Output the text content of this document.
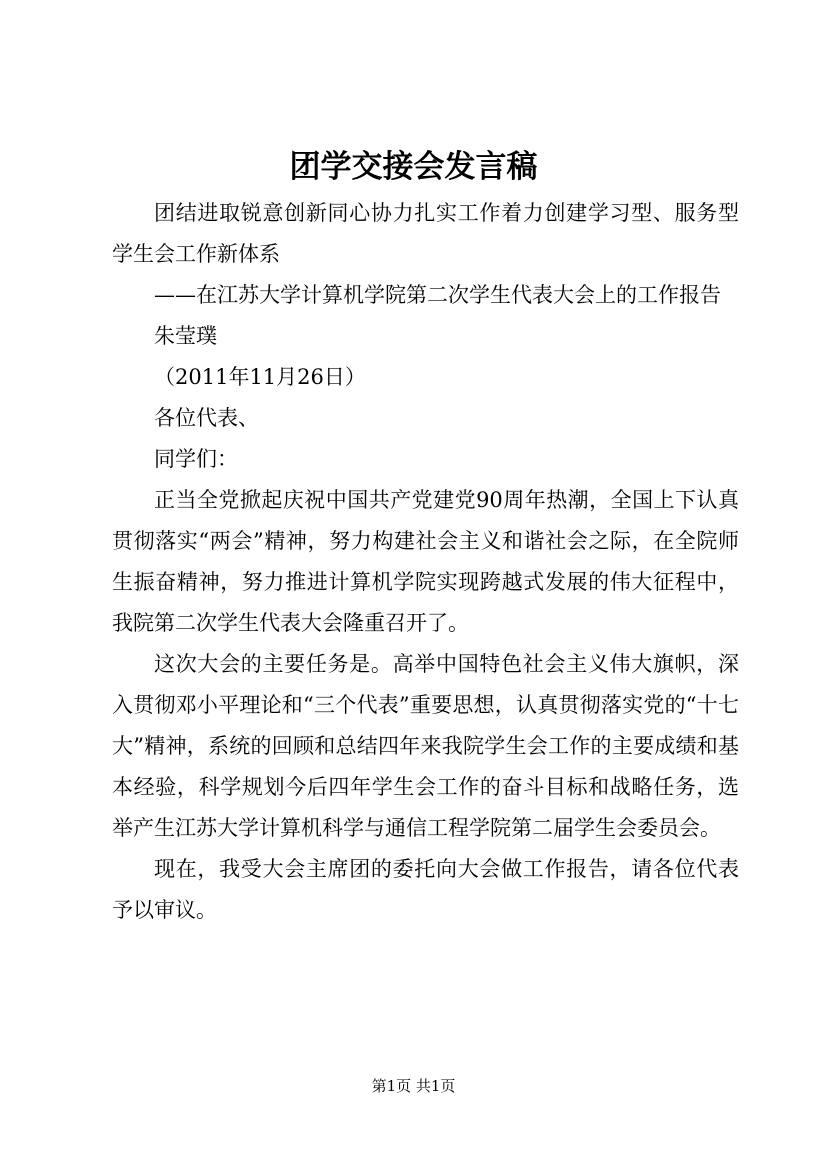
团学交接会发言稿

团结进取锐意创新同心协力扎实工作着力创建学习型、服务型学生会工作新体系

——在江苏大学计算机学院第二次学生代表大会上的工作报告

朱莹璞

（2011年11月26日）

各位代表、

同学们：

正当全党掀起庆祝中国共产党建党90周年热潮，全国上下认真贯彻落实“两会”精神，努力构建社会主义和谐社会之际，在全院师生振奋精神，努力推进计算机学院实现跨越式发展的伟大征程中，我院第二次学生代表大会隆重召开了。

这次大会的主要任务是。高举中国特色社会主义伟大旗帜，深入贯彻邓小平理论和“三个代表”重要思想，认真贯彻落实党的“十七大”精神，系统的回顾和总结四年来我院学生会工作的主要成绩和基本经验，科学规划今后四年学生会工作的奋斗目标和战略任务，选举产生江苏大学计算机科学与通信工程学院第二届学生会委员会。

现在，我受大会主席团的委托向大会做工作报告，请各位代表予以审议。

第1页 共1页
